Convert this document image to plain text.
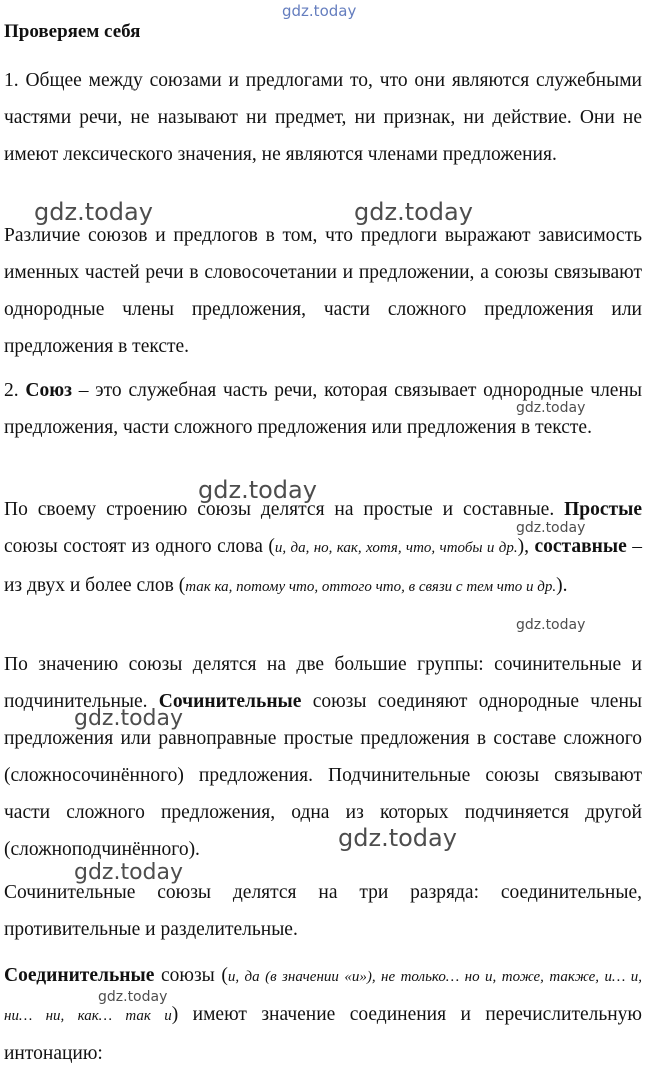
gdz.today
Проверяем себя

1. Общее между союзами и предлогами то, что они являются служебными частями речи, не называют ни предмет, ни признак, ни действие. Они не имеют лексического значения, не являются членами предложения.

Различие союзов и предлогов в том, что предлоги выражают зависимость именных частей речи в словосочетании и предложении, а союзы связывают однородные члены предложения, части сложного предложения или предложения в тексте.

2. Союз – это служебная часть речи, которая связывает однородные члены предложения, части сложного предложения или предложения в тексте.

По своему строению союзы делятся на простые и составные. Простые союзы состоят из одного слова (и, да, но, как, хотя, что, чтобы и др.), составные – из двух и более слов (так ка, потому что, оттого что, в связи с тем что и др.).

По значению союзы делятся на две большие группы: сочинительные и подчинительные. Сочинительные союзы соединяют однородные члены предложения или равноправные простые предложения в составе сложного (сложносочинённого) предложения. Подчинительные союзы связывают части сложного предложения, одна из которых подчиняется другой (сложноподчинённого).

Сочинительные союзы делятся на три разряда: соединительные, противительные и разделительные.

Соединительные союзы (и, да (в значении «и»), не только… но и, тоже, также, и… и, ни… ни, как… так и) имеют значение соединения и перечислительную интонацию:

gdz.today	gdz.today
gdz.today
gdz.today
gdz.today
gdz.today
gdz.today
gdz.today
gdz.today
gdz.today
